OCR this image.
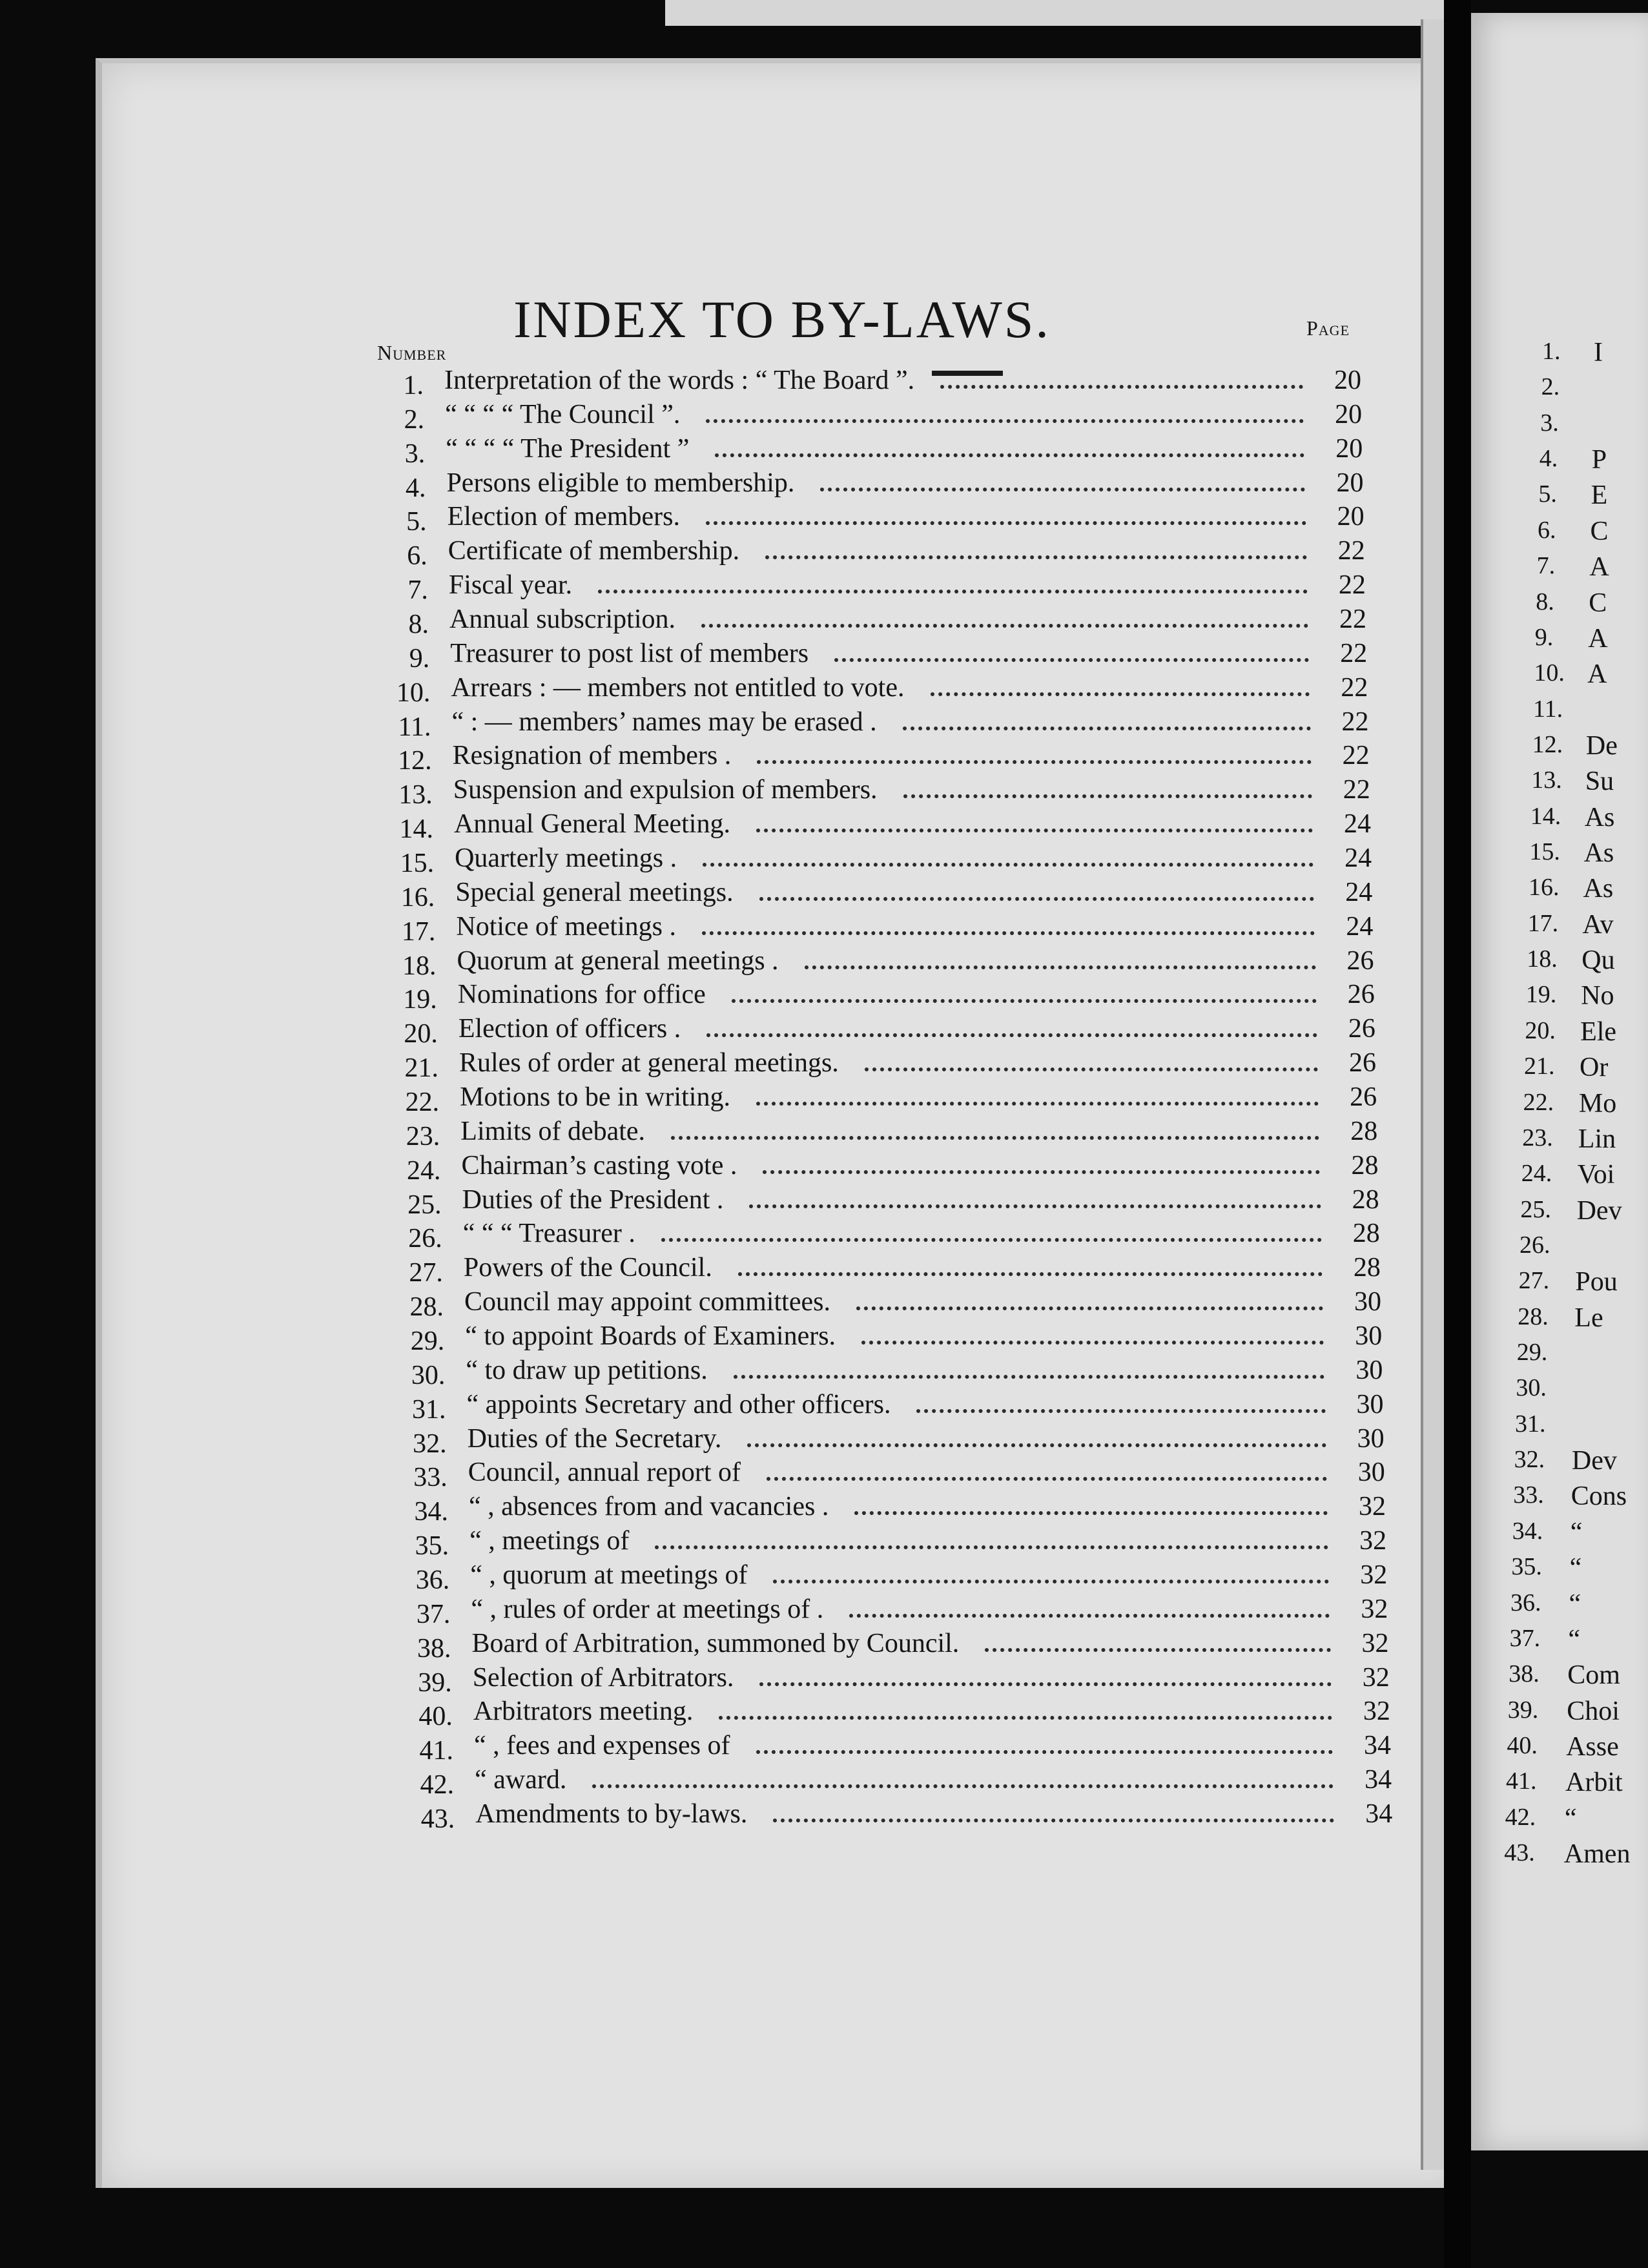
INDEX TO BY-LAWS.
Number
Page
1. Interpretation of the words : “ The Board ”.	20
2. “ “ “ “ The Council ”.	20
3. “ “ “ “ The President ”	20
4. Persons eligible to membership.	20
5. Election of members.	20
6. Certificate of membership.	22
7. Fiscal year.	22
8. Annual subscription.	22
9. Treasurer to post list of members	22
10. Arrears : — members not entitled to vote.	22
11. “ : — members’ names may be erased .	22
12. Resignation of members .	22
13. Suspension and expulsion of members.	22
14. Annual General Meeting.	24
15. Quarterly meetings .	24
16. Special general meetings.	24
17. Notice of meetings .	24
18. Quorum at general meetings .	26
19. Nominations for office	26
20. Election of officers .	26
21. Rules of order at general meetings.	26
22. Motions to be in writing.	26
23. Limits of debate.	28
24. Chairman’s casting vote .	28
25. Duties of the President .	28
26. “ “ “ Treasurer .	28
27. Powers of the Council.	28
28. Council may appoint committees.	30
29. “ to appoint Boards of Examiners.	30
30. “ to draw up petitions.	30
31. “ appoints Secretary and other officers.	30
32. Duties of the Secretary.	30
33. Council, annual report of	30
34. “ , absences from and vacancies .	32
35. “ , meetings of	32
36. “ , quorum at meetings of	32
37. “ , rules of order at meetings of .	32
38. Board of Arbitration, summoned by Council.	32
39. Selection of Arbitrators.	32
40. Arbitrators meeting.	32
41. “ , fees and expenses of	34
42. “ award.	34
43. Amendments to by-laws.	34
1. I
2.
3.
4. P
5. E
6. C
7. A
8. C
9. A
10. A
11.
12. De
13. Su
14. As
15. As
16. As
17. Av
18. Qu
19. No
20. Ele
21. Or
22. Mo
23. Lin
24. Voi
25. Dev
26.
27. Pou
28. Le
29.
30.
31.
32. Dev
33. Cons
34. “
35. “
36. “
37. “
38. Com
39. Choi
40. Asse
41. Arbit
42. “
43. Amen
